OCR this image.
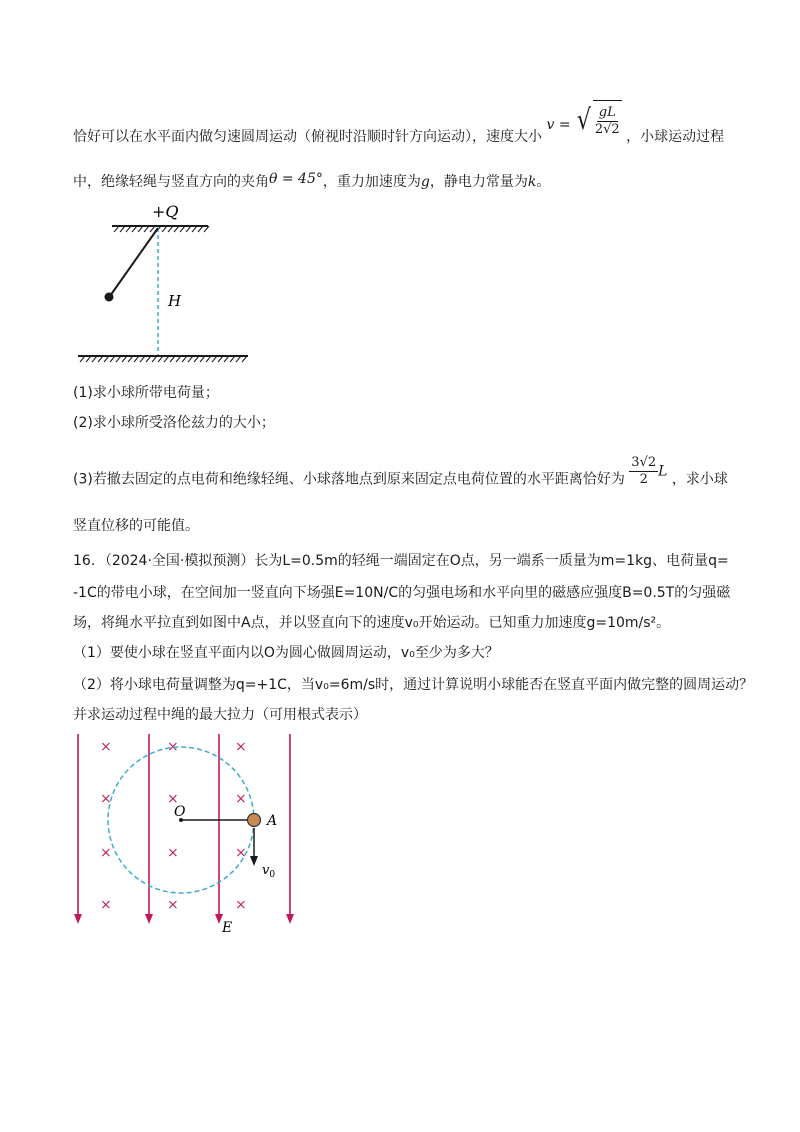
恰好可以在水平面内做匀速圆周运动（俯视时沿顺时针方向运动），速度大小 v = √ $\frac{gL}{2√2}$ ，小球运动过程
中，绝缘轻绳与竖直方向的夹角θ = 45°，重力加速度为g，静电力常量为k。
+Q
H
(1)求小球所带电荷量；
(2)求小球所受洛伦兹力的大小；
(3)若撤去固定的点电荷和绝缘轻绳、小球落地点到原来固定点电荷位置的水平距离恰好为 $\frac{3√2}{2}$ L ，求小球
竖直位移的可能值。
16．（2024·全国·模拟预测）长为L=0.5m的轻绳一端固定在O点，另一端系一质量为m=1kg、电荷量q=
-1C的带电小球，在空间加一竖直向下场强E=10N/C的匀强电场和水平向里的磁感应强度B=0.5T的匀强磁
场，将绳水平拉直到如图中A点，并以竖直向下的速度v₀开始运动。已知重力加速度g=10m/s²。
（1）要使小球在竖直平面内以O为圆心做圆周运动，v₀至少为多大？
（2）将小球电荷量调整为q=+1C，当v₀=6m/s时，通过计算说明小球能否在竖直平面内做完整的圆周运动？
并求运动过程中绳的最大拉力（可用根式表示）
×	×	×
×	×	×
×	×	×
×	×	×
O
A
$v_0$
E
